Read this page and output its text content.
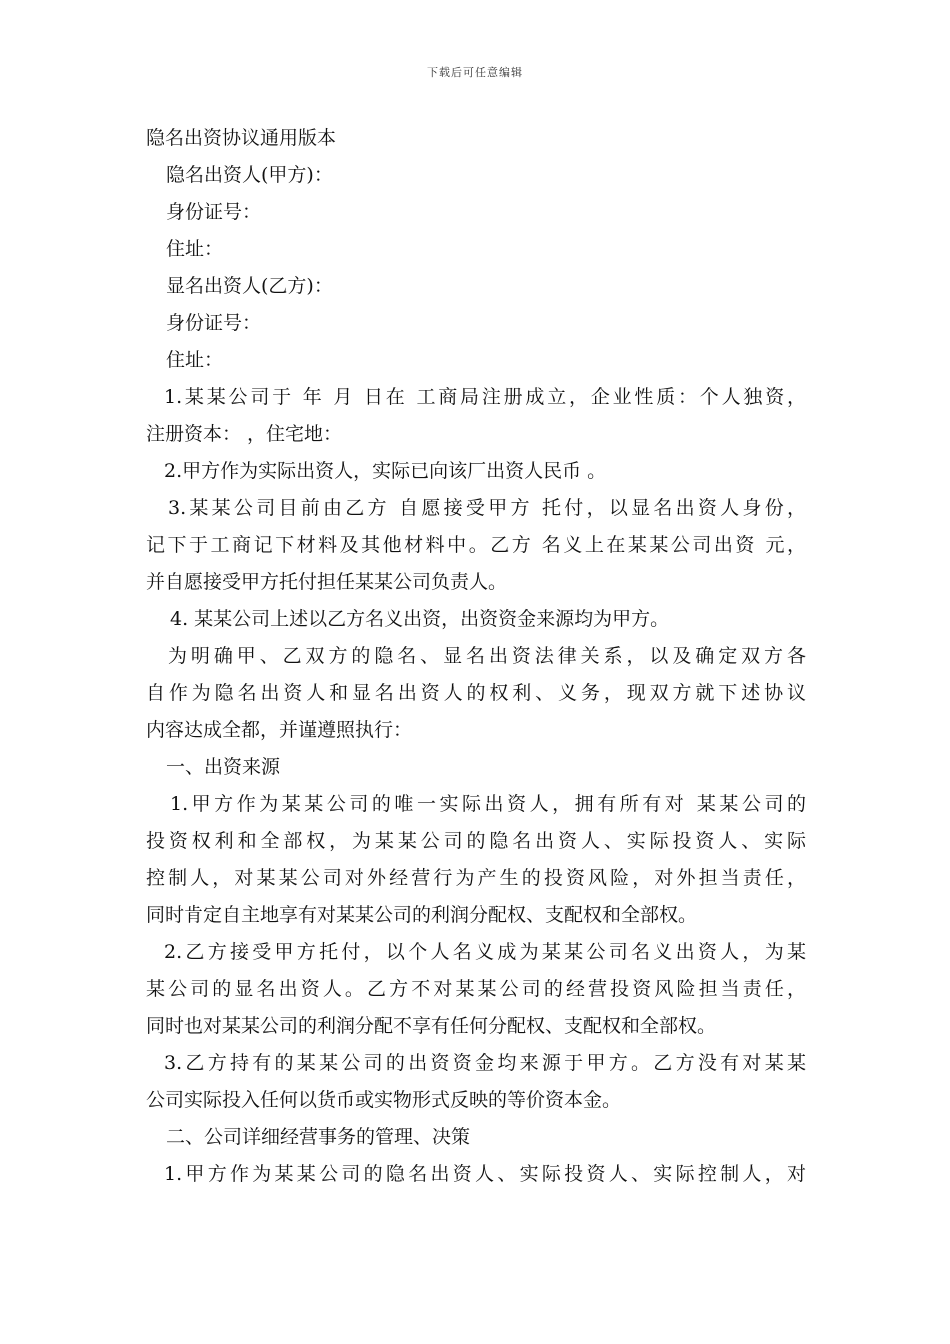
下载后可任意编辑
隐名出资协议通用版本
隐名出资人(甲方)：
身份证号：
住址：
显名出资人(乙方)：
身份证号：
住址：
1.某某公司于 年 月 日在 工商局注册成立，企业性质：个人独资，
注册资本： ，住宅地：
2.甲方作为实际出资人，实际已向该厂出资人民币 。
3.某某公司目前由乙方 自愿接受甲方 托付，以显名出资人身份，
记下于工商记下材料及其他材料中。乙方 名义上在某某公司出资 元，
并自愿接受甲方托付担任某某公司负责人。
4. 某某公司上述以乙方名义出资，出资资金来源均为甲方。
为明确甲、乙双方的隐名、显名出资法律关系，以及确定双方各
自作为隐名出资人和显名出资人的权利、义务，现双方就下述协议
内容达成全都，并谨遵照执行：
一、出资来源
1.甲方作为某某公司的唯一实际出资人，拥有所有对 某某公司的
投资权利和全部权，为某某公司的隐名出资人、实际投资人、实际
控制人，对某某公司对外经营行为产生的投资风险，对外担当责任，
同时肯定自主地享有对某某公司的利润分配权、支配权和全部权。
2.乙方接受甲方托付，以个人名义成为某某公司名义出资人，为某
某公司的显名出资人。乙方不对某某公司的经营投资风险担当责任，
同时也对某某公司的利润分配不享有任何分配权、支配权和全部权。
3.乙方持有的某某公司的出资资金均来源于甲方。乙方没有对某某
公司实际投入任何以货币或实物形式反映的等价资本金。
二、公司详细经营事务的管理、决策
1.甲方作为某某公司的隐名出资人、实际投资人、实际控制人，对
